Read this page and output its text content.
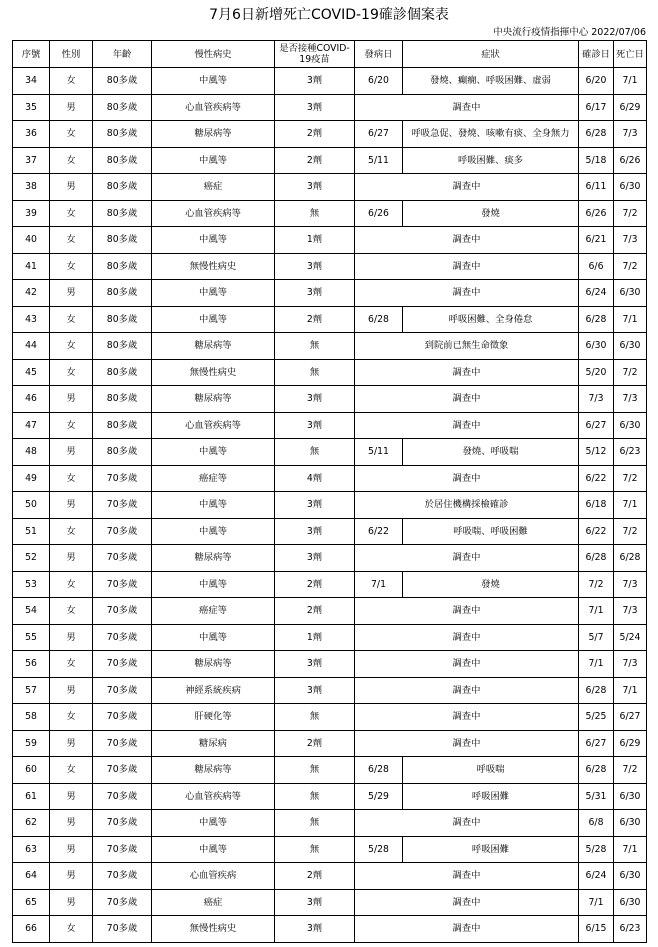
7月6日新增死亡COVID-19確診個案表
中央流行疫情指揮中心 2022/07/06
序號	性別	年齡	慢性病史	是否接種COVID-19疫苗	發病日	症狀	確診日	死亡日
34	女	80多歲	中風等	3劑	6/20	發燒、癲癇、呼吸困難、虛弱	6/20	7/1
35	男	80多歲	心血管疾病等	3劑	調查中		6/17	6/29
36	女	80多歲	糖尿病等	2劑	6/27	呼吸急促、發燒、咳嗽有痰、全身無力	6/28	7/3
37	女	80多歲	中風等	2劑	5/11	呼吸困難、痰多	5/18	6/26
38	男	80多歲	癌症	3劑	調查中		6/11	6/30
39	女	80多歲	心血管疾病等	無	6/26	發燒	6/26	7/2
40	女	80多歲	中風等	1劑	調查中		6/21	7/3
41	女	80多歲	無慢性病史	3劑	調查中		6/6	7/2
42	男	80多歲	中風等	3劑	調查中		6/24	6/30
43	女	80多歲	中風等	2劑	6/28	呼吸困難、全身倦怠	6/28	7/1
44	女	80多歲	糖尿病等	無	到院前已無生命徵象		6/30	6/30
45	女	80多歲	無慢性病史	無	調查中		5/20	7/2
46	男	80多歲	糖尿病等	3劑	調查中		7/3	7/3
47	女	80多歲	心血管疾病等	3劑	調查中		6/27	6/30
48	男	80多歲	中風等	無	5/11	發燒、呼吸喘	5/12	6/23
49	女	70多歲	癌症等	4劑	調查中		6/22	7/2
50	男	70多歲	中風等	3劑	於居住機構採檢確診		6/18	7/1
51	女	70多歲	中風等	3劑	6/22	呼吸喘、呼吸困難	6/22	7/2
52	男	70多歲	糖尿病等	3劑	調查中		6/28	6/28
53	女	70多歲	中風等	2劑	7/1	發燒	7/2	7/3
54	女	70多歲	癌症等	2劑	調查中		7/1	7/3
55	男	70多歲	中風等	1劑	調查中		5/7	5/24
56	女	70多歲	糖尿病等	3劑	調查中		7/1	7/3
57	男	70多歲	神經系統疾病	3劑	調查中		6/28	7/1
58	女	70多歲	肝硬化等	無	調查中		5/25	6/27
59	男	70多歲	糖尿病	2劑	調查中		6/27	6/29
60	女	70多歲	糖尿病等	無	6/28	呼吸喘	6/28	7/2
61	男	70多歲	心血管疾病等	無	5/29	呼吸困難	5/31	6/30
62	男	70多歲	中風等	無	調查中		6/8	6/30
63	男	70多歲	中風等	無	5/28	呼吸困難	5/28	7/1
64	男	70多歲	心血管疾病	2劑	調查中		6/24	6/30
65	男	70多歲	癌症	3劑	調查中		7/1	6/30
66	女	70多歲	無慢性病史	3劑	調查中		6/15	6/23
